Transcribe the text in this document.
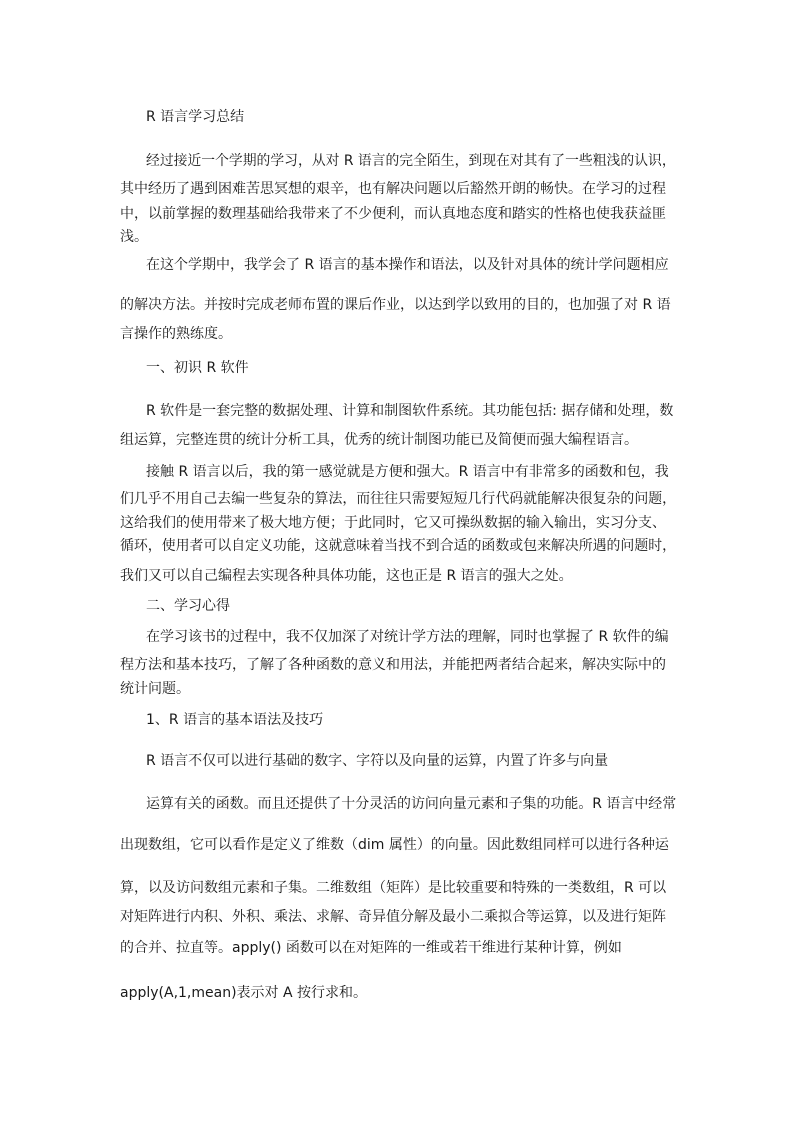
R 语言学习总结
经过接近一个学期的学习，从对 R 语言的完全陌生，到现在对其有了一些粗浅的认识，
其中经历了遇到困难苦思冥想的艰辛，也有解决问题以后豁然开朗的畅快。在学习的过程
中，以前掌握的数理基础给我带来了不少便利，而认真地态度和踏实的性格也使我获益匪
浅。
在这个学期中，我学会了 R 语言的基本操作和语法，以及针对具体的统计学问题相应
的解决方法。并按时完成老师布置的课后作业，以达到学以致用的目的，也加强了对 R 语
言操作的熟练度。
一、初识 R 软件
R 软件是一套完整的数据处理、计算和制图软件系统。其功能包括: 据存储和处理，数
组运算，完整连贯的统计分析工具，优秀的统计制图功能已及简便而强大编程语言。
接触 R 语言以后，我的第一感觉就是方便和强大。R 语言中有非常多的函数和包，我
们几乎不用自己去编一些复杂的算法，而往往只需要短短几行代码就能解决很复杂的问题，
这给我们的使用带来了极大地方便；于此同时，它又可操纵数据的输入输出，实习分支、
循环，使用者可以自定义功能，这就意味着当找不到合适的函数或包来解决所遇的问题时，
我们又可以自己编程去实现各种具体功能，这也正是 R 语言的强大之处。
二、学习心得
在学习该书的过程中，我不仅加深了对统计学方法的理解，同时也掌握了 R 软件的编
程方法和基本技巧，了解了各种函数的意义和用法，并能把两者结合起来，解决实际中的
统计问题。
1、R 语言的基本语法及技巧
R 语言不仅可以进行基础的数字、字符以及向量的运算，内置了许多与向量
运算有关的函数。而且还提供了十分灵活的访问向量元素和子集的功能。R 语言中经常
出现数组，它可以看作是定义了维数（dim 属性）的向量。因此数组同样可以进行各种运
算，以及访问数组元素和子集。二维数组（矩阵）是比较重要和特殊的一类数组，R 可以
对矩阵进行内积、外积、乘法、求解、奇异值分解及最小二乘拟合等运算，以及进行矩阵
的合并、拉直等。apply() 函数可以在对矩阵的一维或若干维进行某种计算，例如
apply(A,1,mean)表示对 A 按行求和。
